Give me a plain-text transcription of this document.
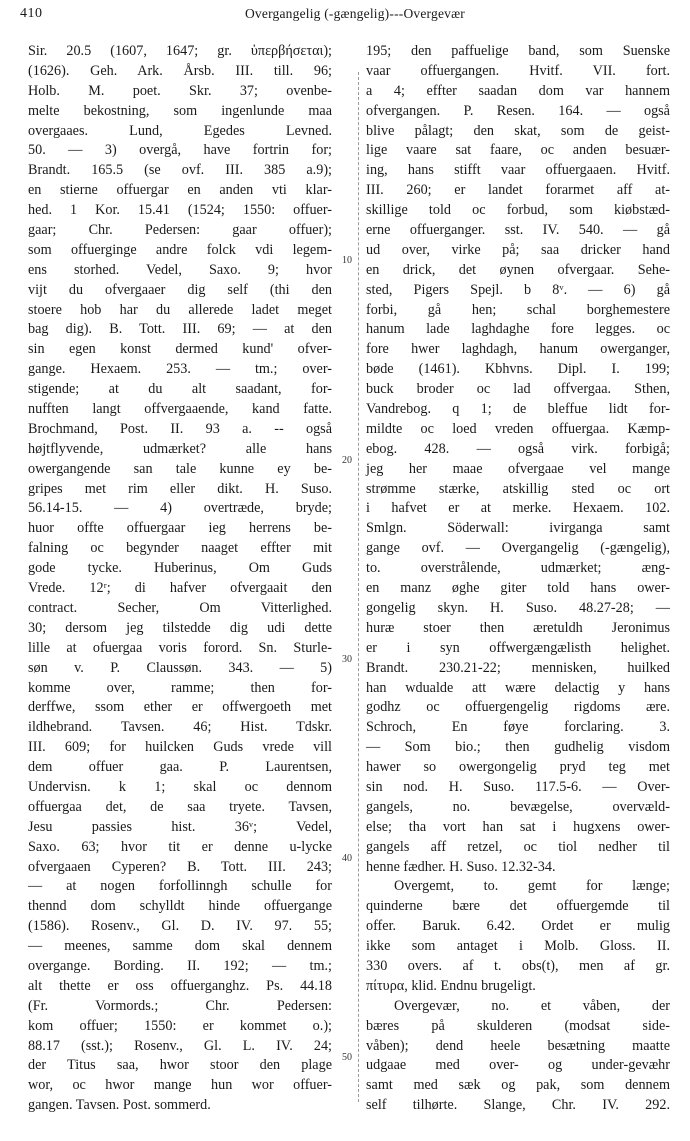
410	Overgangelig (-gængelig)---Overgevær
10
20
30
40
50
Sir. 20.5 (1607, 1647; gr. ὑπερβήσεται);
(1626). Geh. Ark. Årsb. III. till. 96;
Holb. M. poet. Skr. 37; ovenbe-
melte bekostning, som ingenlunde maa
overgaaes. Lund, Egedes Levned.
50. — 3) overgå, have fortrin for;
Brandt. 165.5 (se ovf. III. 385 a.9);
en stierne offuergar en anden vti klar-
hed. 1 Kor. 15.41 (1524; 1550: offuer-
gaar; Chr. Pedersen: gaar offuer);
som offuerginge andre folck vdi legem-
ens storhed. Vedel, Saxo. 9; hvor
vijt du ofvergaaer dig self (thi den
stoere hob har du allerede ladet meget
bag dig). B. Tott. III. 69; — at den
sin egen konst dermed kund' ofver-
gange. Hexaem. 253. — tm.; over-
stigende; at du alt saadant, for-
nufften langt offvergaaende, kand fatte.
Brochmand, Post. II. 93 a. -- også
højtflyvende, udmærket? alle hans
owergangende san tale kunne ey be-
gripes met rim eller dikt. H. Suso.
56.14-15. — 4) overtræde, bryde;
huor offte offuergaar ieg herrens be-
falning oc begynder naaget effter mit
gode tycke. Huberinus, Om Guds
Vrede. 12ʳ; di hafver ofvergaait den
contract. Secher, Om Vitterlighed.
30; dersom jeg tilstedde dig udi dette
lille at ofuergaa voris forord. Sn. Sturle-
søn v. P. Claussøn. 343. — 5)
komme over, ramme; then for-
derffwe, ssom ether er offwergoeth met
ildhebrand. Tavsen. 46; Hist. Tdskr.
III. 609; for huilcken Guds vrede vill
dem offuer gaa. P. Laurentsen,
Undervisn. k 1; skal oc dennom
offuergaa det, de saa tryete. Tavsen,
Jesu passies hist. 36ᵛ; Vedel,
Saxo. 63; hvor tit er denne u-lycke
ofvergaaen Cyperen? B. Tott. III. 243;
— at nogen forfollinngh schulle for
thennd dom schylldt hinde offuergange
(1586). Rosenv., Gl. D. IV. 97. 55;
— meenes, samme dom skal dennem
overgange. Bording. II. 192; — tm.;
alt thette er oss offuerganghz. Ps. 44.18
(Fr. Vormords.; Chr. Pedersen:
kom offuer; 1550: er kommet o.);
88.17 (sst.); Rosenv., Gl. L. IV. 24;
der Titus saa, hwor stoor den plage
wor, oc hwor mange hun wor offuer-
gangen. Tavsen. Post. sommerd.
195; den paffuelige band, som Suenske
vaar offuergangen. Hvitf. VII. fort.
a 4; effter saadan dom var hannem
ofvergangen. P. Resen. 164. — også
blive pålagt; den skat, som de geist-
lige vaare sat faare, oc anden besuær-
ing, hans stifft vaar offuergaaen. Hvitf.
III. 260; er landet forarmet aff at-
skillige told oc forbud, som kiøbstæd-
erne offuerganger. sst. IV. 540. — gå
ud over, virke på; saa dricker hand
en drick, det øynen ofvergaar. Sehe-
sted, Pigers Spejl. b 8ᵛ. — 6) gå
forbi, gå hen; schal borghemestere
hanum lade laghdaghe fore legges. oc
fore hwer laghdagh, hanum owerganger,
bøde (1461). Kbhvns. Dipl. I. 199;
buck broder oc lad offvergaa. Sthen,
Vandrebog. q 1; de bleffue lidt for-
mildte oc loed vreden offuergaa. Kæmp-
ebog. 428. — også virk. forbigå;
jeg her maae ofvergaae vel mange
strømme stærke, atskillig sted oc ort
i hafvet er at merke. Hexaem. 102.
Smlgn. Söderwall: ivirganga samt
gange ovf. — Overgangelig (-gængelig),
to. overstrålende, udmærket; æng-
en manz øghe giter told hans ower-
gongelig skyn. H. Suso. 48.27-28; —
huræ stoer then æretuldh Jeronimus
er i syn offwergængælisth helighet.
Brandt. 230.21-22; mennisken, huilked
han wdualde att wære delactig y hans
godhz oc offuergengelig rigdoms ære.
Schroch, En føye forclaring. 3.
— Som bio.; then gudhelig visdom
hawer so owergongelig pryd teg met
sin nod. H. Suso. 117.5-6. — Over-
gangels, no. bevægelse, overvæld-
else; tha vort han sat i hugxens ower-
gangels aff retzel, oc tiol nedher til
henne fædher. H. Suso. 12.32-34.
Overgemt, to. gemt for længe;
quinderne bære det offuergemde til
offer. Baruk. 6.42. Ordet er mulig
ikke som antaget i Molb. Gloss. II.
330 overs. af t. obs(t), men af gr.
πίτυρα, klid. Endnu brugeligt.
Overgevær, no. et våben, der
bæres på skulderen (modsat side-
våben); dend heele besætning maatte
udgaae med over- og under-gevæhr
samt med sæk og pak, som dennem
self tilhørte. Slange, Chr. IV. 292.
